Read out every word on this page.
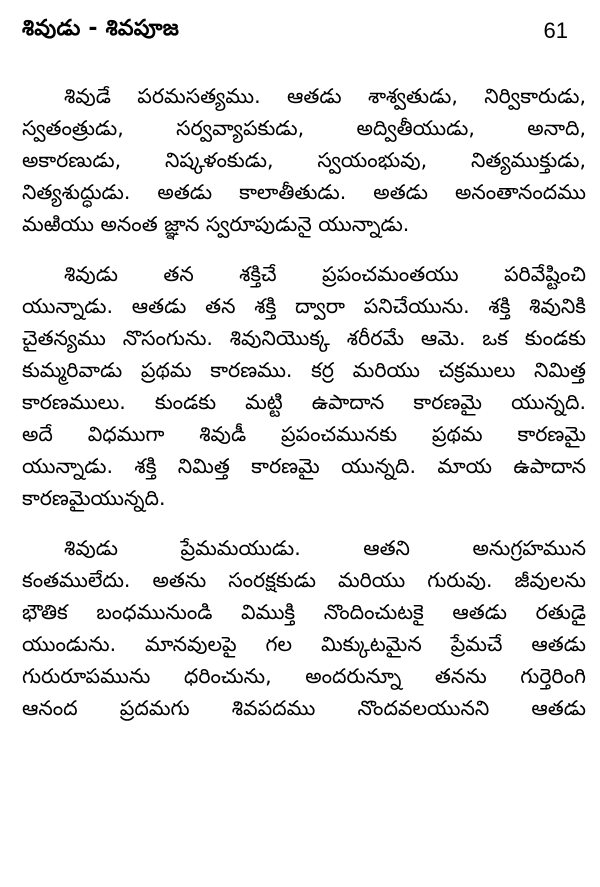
శివుడు - శివపూజ	61
శివుడే పరమసత్యము. ఆతడు శాశ్వతుడు, నిర్వికారుడు,
స్వతంత్రుడు, సర్వవ్యాపకుడు, అద్వితీయుడు, అనాది,
అకారణుడు, నిష్కళంకుడు, స్వయంభువు, నిత్యముక్తుడు,
నిత్యశుద్ధుడు. అతడు కాలాతీతుడు. అతడు అనంతానందము
మఱియు అనంత జ్ఞాన స్వరూపుడునై యున్నాడు.
శివుడు తన శక్తిచే ప్రపంచమంతయు పరివేష్టించి
యున్నాడు. ఆతడు తన శక్తి ద్వారా పనిచేయును. శక్తి శివునికి
చైతన్యము నొసంగును. శివునియొక్క శరీరమే ఆమె. ఒక కుండకు
కుమ్మరివాడు ప్రథమ కారణము. కర్ర మరియు చక్రములు నిమిత్త
కారణములు. కుండకు మట్టి ఉపాదాన కారణమై యున్నది.
అదే విధముగా శివుడీ ప్రపంచమునకు ప్రథమ కారణమై
యున్నాడు. శక్తి నిమిత్త కారణమై యున్నది. మాయ ఉపాదాన
కారణమైయున్నది.
శివుడు ప్రేమమయుడు. ఆతని అనుగ్రహమున
కంతములేదు. అతను సంరక్షకుడు మరియు గురువు. జీవులను
భౌతిక బంధమునుండి విముక్తి నొందించుటకై ఆతడు రతుడై
యుండును. మానవులపై గల మిక్కుటమైన ప్రేమచే ఆతడు
గురురూపమును ధరించును, అందరున్నూ తనను గుర్తెరింగి
ఆనంద ప్రదమగు శివపదము నొందవలయునని ఆతడు
